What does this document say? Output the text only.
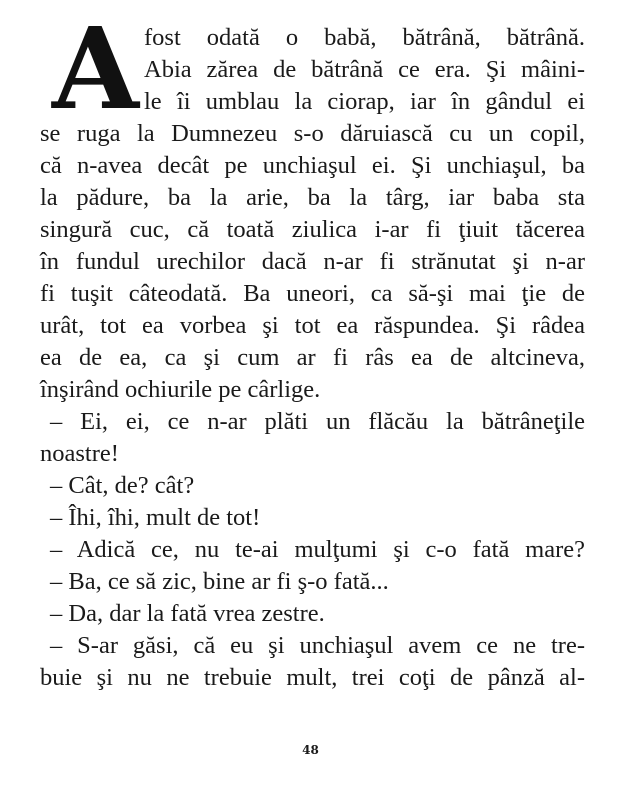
A fost odată o babă, bătrână, bătrână.
Abia zărea de bătrână ce era. Şi mâini-
le îi umblau la ciorap, iar în gândul ei
se ruga la Dumnezeu s-o dăruiască cu un copil,
că n-avea decât pe unchiaşul ei. Şi unchiaşul, ba
la pădure, ba la arie, ba la târg, iar baba sta
singură cuc, că toată ziulica i-ar fi ţiuit tăcerea
în fundul urechilor dacă n-ar fi strănutat şi n-ar
fi tuşit câteodată. Ba uneori, ca să-şi mai ţie de
urât, tot ea vorbea şi tot ea răspundea. Şi râdea
ea de ea, ca şi cum ar fi râs ea de altcineva,
înşirând ochiurile pe cârlige.
– Ei, ei, ce n-ar plăti un flăcău la bătrâneţile
noastre!
– Cât, de? cât?
– Îhi, îhi, mult de tot!
– Adică ce, nu te-ai mulţumi şi c-o fată mare?
– Ba, ce să zic, bine ar fi ş-o fată...
– Da, dar la fată vrea zestre.
– S-ar găsi, că eu şi unchiaşul avem ce ne tre-
buie şi nu ne trebuie mult, trei coţi de pânză al-
48
